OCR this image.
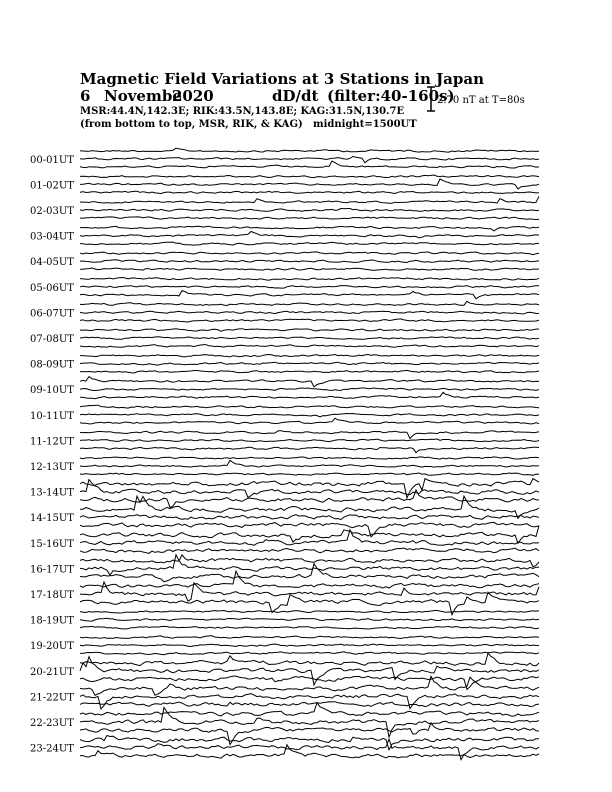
Magnetic Field Variations at 3 Stations in Japan
6 Novembe
2020	dD/dt (filter:40-160s)
MSR:44.4N,142.3E; RIK:43.5N,143.8E; KAG:31.5N,130.7E
(from bottom to top, MSR, RIK, & KAG) midnight=1500UT
2.70 nT at T=80s
00-01UT
01-02UT
02-03UT
03-04UT
04-05UT
05-06UT
06-07UT
07-08UT
08-09UT
09-10UT
10-11UT
11-12UT
12-13UT
13-14UT
14-15UT
15-16UT
16-17UT
17-18UT
18-19UT
19-20UT
20-21UT
21-22UT
22-23UT
23-24UT
